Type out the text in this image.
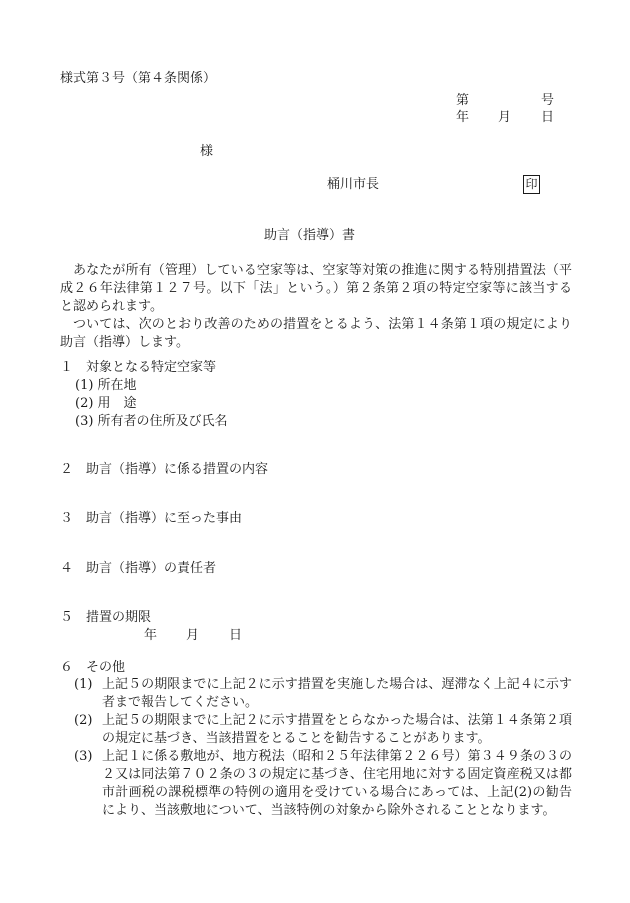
様式第３号（第４条関係）
第	号
年 月 日
様
桶川市長	印
助言（指導）書
あなたが所有（管理）している空家等は、空家等対策の推進に関する特別措置法（平成２６年法律第１２７号。以下「法」という。）第２条第２項の特定空家等に該当すると認められます。
ついては、次のとおり改善のための措置をとるよう、法第１４条第１項の規定により助言（指導）します。
１　対象となる特定空家等
(1) 所在地
(2) 用　途
(3) 所有者の住所及び氏名
２　助言（指導）に係る措置の内容
３　助言（指導）に至った事由
４　助言（指導）の責任者
５　措置の期限
年 月 日
６　その他
(1) 上記５の期限までに上記２に示す措置を実施した場合は、遅滞なく上記４に示す者まで報告してください。
(2) 上記５の期限までに上記２に示す措置をとらなかった場合は、法第１４条第２項の規定に基づき、当該措置をとることを勧告することがあります。
(3) 上記１に係る敷地が、地方税法（昭和２５年法律第２２６号）第３４９条の３の２又は同法第７０２条の３の規定に基づき、住宅用地に対する固定資産税又は都市計画税の課税標準の特例の適用を受けている場合にあっては、上記(2)の勧告により、当該敷地について、当該特例の対象から除外されることとなります。
